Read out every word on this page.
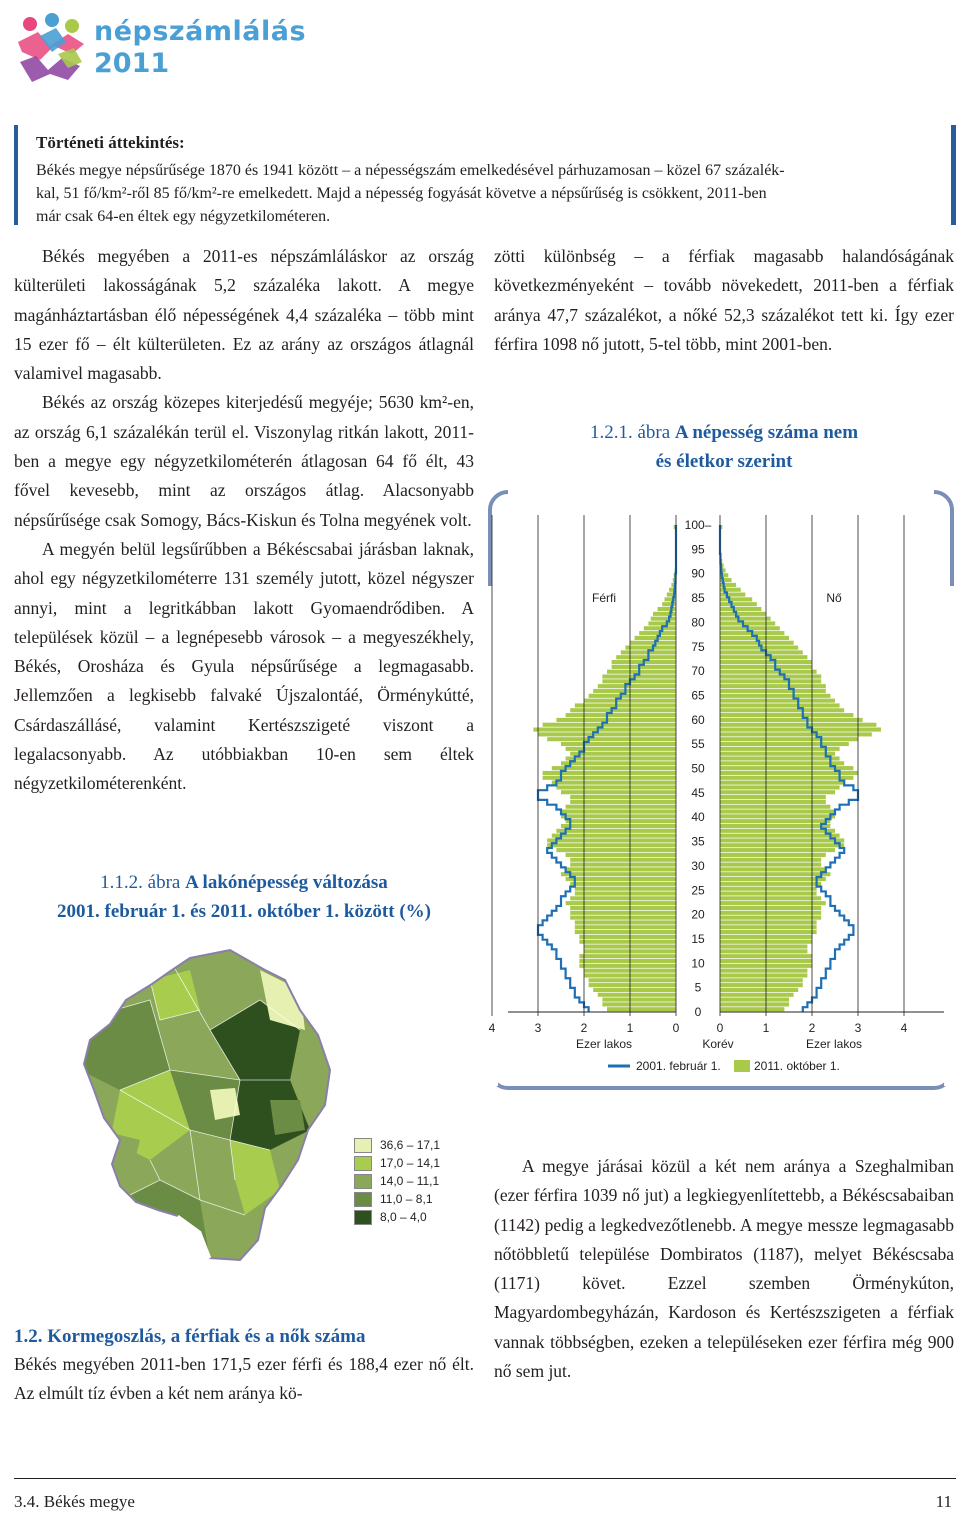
népszámlálás
2011
Történeti áttekintés:
Békés megye népsűrűsége 1870 és 1941 között – a népességszám emelkedésével párhuzamosan – közel 67 százalék-
kal, 51 fő/km²-ről 85 fő/km²-re emelkedett. Majd a népesség fogyását követve a népsűrűség is csökkent, 2011-ben
már csak 64-en éltek egy négyzetkilométeren.
Békés megyében a 2011-es népszámláláskor az ország külterületi lakosságának 5,2 százaléka lakott. A megye magánháztartásban élő népességének 4,4 százaléka – több mint 15 ezer fő – élt külterületen. Ez az arány az országos átlagnál valamivel magasabb.
Békés az ország közepes kiterjedésű megyéje; 5630 km²-en, az ország 6,1 százalékán terül el. Viszonylag ritkán lakott, 2011-ben a megye egy négyzetkilométerén átlagosan 64 fő élt, 43 fővel kevesebb, mint az országos átlag. Alacsonyabb népsűrűsége csak Somogy, Bács-Kiskun és Tolna megyének volt.
A megyén belül legsűrűbben a Békéscsabai járásban laknak, ahol egy négyzetkilométerre 131 személy jutott, közel négyszer annyi, mint a legritkábban lakott Gyomaendrődiben. A települések közül – a legnépesebb városok – a megyeszékhely, Békés, Orosháza és Gyula népsűrűsége a legmagasabb. Jellemzően a legkisebb falvaké Újszalontáé, Örménykútté, Csárdaszállásé, valamint Kertészszigeté viszont a legalacsonyabb. Az utóbbiakban 10-en sem éltek négyzetkilométerenként.
1.1.2. ábra A lakónépesség változása
2001. február 1. és 2011. október 1. között (%)
36,6 – 17,1
17,0 – 14,1
14,0 – 11,1
11,0 – 8,1
8,0 – 4,0
1.2. Kormegoszlás, a férfiak és a nők száma
Békés megyében 2011-ben 171,5 ezer férfi és 188,4 ezer nő élt. Az elmúlt tíz évben a két nem aránya kö-
zötti különbség – a férfiak magasabb halandóságának következményeként – tovább növekedett, 2011-ben a férfiak aránya 47,7 százalékot, a nőké 52,3 százalékot tett ki. Így ezer férfira 1098 nő jutott, 5-tel több, mint 2001-ben.
1.2.1. ábra A népesség száma nem
és életkor szerint
4	3	2	1	0	0	1	2	3	4
100–
95
90
85
80
75
70
65
60
55
50
45
40
35
30
25
20
15
10
5
0
Férfi	Nő
Ezer lakos	Korév	Ezer lakos
2001. február 1.	2011. október 1.
A megye járásai közül a két nem aránya a Szeghalmiban (ezer férfira 1039 nő jut) a legkiegyenlítettebb, a Békéscsabaiban (1142) pedig a legkedvezőtlenebb. A megye messze legmagasabb nőtöbbletű települése Dombiratos (1187), melyet Békéscsaba (1171) követ. Ezzel szemben Örménykúton, Magyardombegyházán, Kardoson és Kertészszigeten a férfiak vannak többségben, ezeken a településeken ezer férfira még 900 nő sem jut.
3.4. Békés megye	11
